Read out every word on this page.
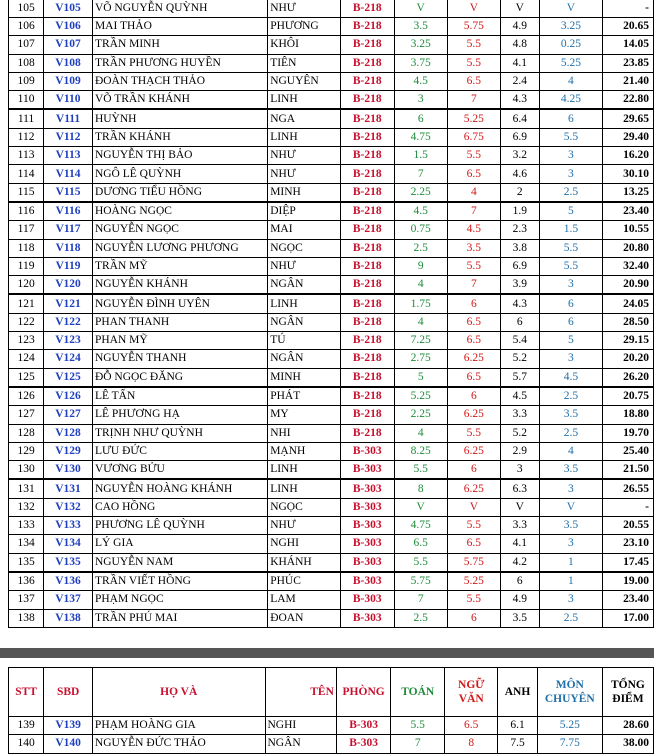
105	V105	VÕ NGUYỄN QUỲNH	NHƯ	B-218	V	V	V	V	-
106	V106	MAI THẢO	PHƯƠNG	B-218	3.5	5.75	4.9	3.25	20.65
107	V107	TRẦN MINH	KHÔI	B-218	3.25	5.5	4.8	0.25	14.05
108	V108	TRẦN PHƯƠNG HUYỀN	TIÊN	B-218	3.75	5.5	4.1	5.25	23.85
109	V109	ĐOÀN THẠCH THẢO	NGUYÊN	B-218	4.5	6.5	2.4	4	21.40
110	V110	VÕ TRẦN KHÁNH	LINH	B-218	3	7	4.3	4.25	22.80
111	V111	HUỲNH	NGA	B-218	6	5.25	6.4	6	29.65
112	V112	TRẦN KHÁNH	LINH	B-218	4.75	6.75	6.9	5.5	29.40
113	V113	NGUYỄN THỊ BẢO	NHƯ	B-218	1.5	5.5	3.2	3	16.20
114	V114	NGÔ LÊ QUỲNH	NHƯ	B-218	7	6.5	4.6	3	30.10
115	V115	DƯƠNG TIỂU HỒNG	MINH	B-218	2.25	4	2	2.5	13.25
116	V116	HOÀNG NGỌC	DIỆP	B-218	4.5	7	1.9	5	23.40
117	V117	NGUYỄN NGỌC	MAI	B-218	0.75	4.5	2.3	1.5	10.55
118	V118	NGUYỄN LƯƠNG PHƯƠNG	NGỌC	B-218	2.5	3.5	3.8	5.5	20.80
119	V119	TRẦN MỸ	NHƯ	B-218	9	5.5	6.9	5.5	32.40
120	V120	NGUYỄN KHÁNH	NGÂN	B-218	4	7	3.9	3	20.90
121	V121	NGUYỄN ĐÌNH UYÊN	LINH	B-218	1.75	6	4.3	6	24.05
122	V122	PHAN THANH	NGÂN	B-218	4	6.5	6	6	28.50
123	V123	PHAN MỸ	TÚ	B-218	7.25	6.5	5.4	5	29.15
124	V124	NGUYỄN THANH	NGÂN	B-218	2.75	6.25	5.2	3	20.20
125	V125	ĐỖ NGỌC ĐĂNG	MINH	B-218	5	6.5	5.7	4.5	26.20
126	V126	LÊ TẤN	PHÁT	B-218	5.25	6	4.5	2.5	20.75
127	V127	LÊ PHƯƠNG HẠ	MY	B-218	2.25	6.25	3.3	3.5	18.80
128	V128	TRỊNH NHƯ QUỲNH	NHI	B-218	4	5.5	5.2	2.5	19.70
129	V129	LƯU ĐỨC	MẠNH	B-303	8.25	6.25	2.9	4	25.40
130	V130	VƯƠNG BỬU	LINH	B-303	5.5	6	3	3.5	21.50
131	V131	NGUYỄN HOÀNG KHÁNH	LINH	B-303	8	6.25	6.3	3	26.55
132	V132	CAO HỒNG	NGỌC	B-303	V	V	V	V	-
133	V133	PHƯƠNG LÊ QUỲNH	NHƯ	B-303	4.75	5.5	3.3	3.5	20.55
134	V134	LÝ GIA	NGHI	B-303	6.5	6.5	4.1	3	23.10
135	V135	NGUYỄN NAM	KHÁNH	B-303	5.5	5.75	4.2	1	17.45
136	V136	TRẦN VIẾT HỒNG	PHÚC	B-303	5.75	5.25	6	1	19.00
137	V137	PHẠM NGỌC	LAM	B-303	7	5.5	4.9	3	23.40
138	V138	TRẦN PHÚ MAI	ĐOAN	B-303	2.5	6	3.5	2.5	17.00
STT	SBD	HỌ VÀ	TÊN	PHÒNG	TOÁN	NGỮ VĂN	ANH	MÔN CHUYÊN	TỔNG ĐIỂM
139	V139	PHẠM HOÀNG GIA	NGHI	B-303	5.5	6.5	6.1	5.25	28.60
140	V140	NGUYỄN ĐỨC THẢO	NGÂN	B-303	7	8	7.5	7.75	38.00
